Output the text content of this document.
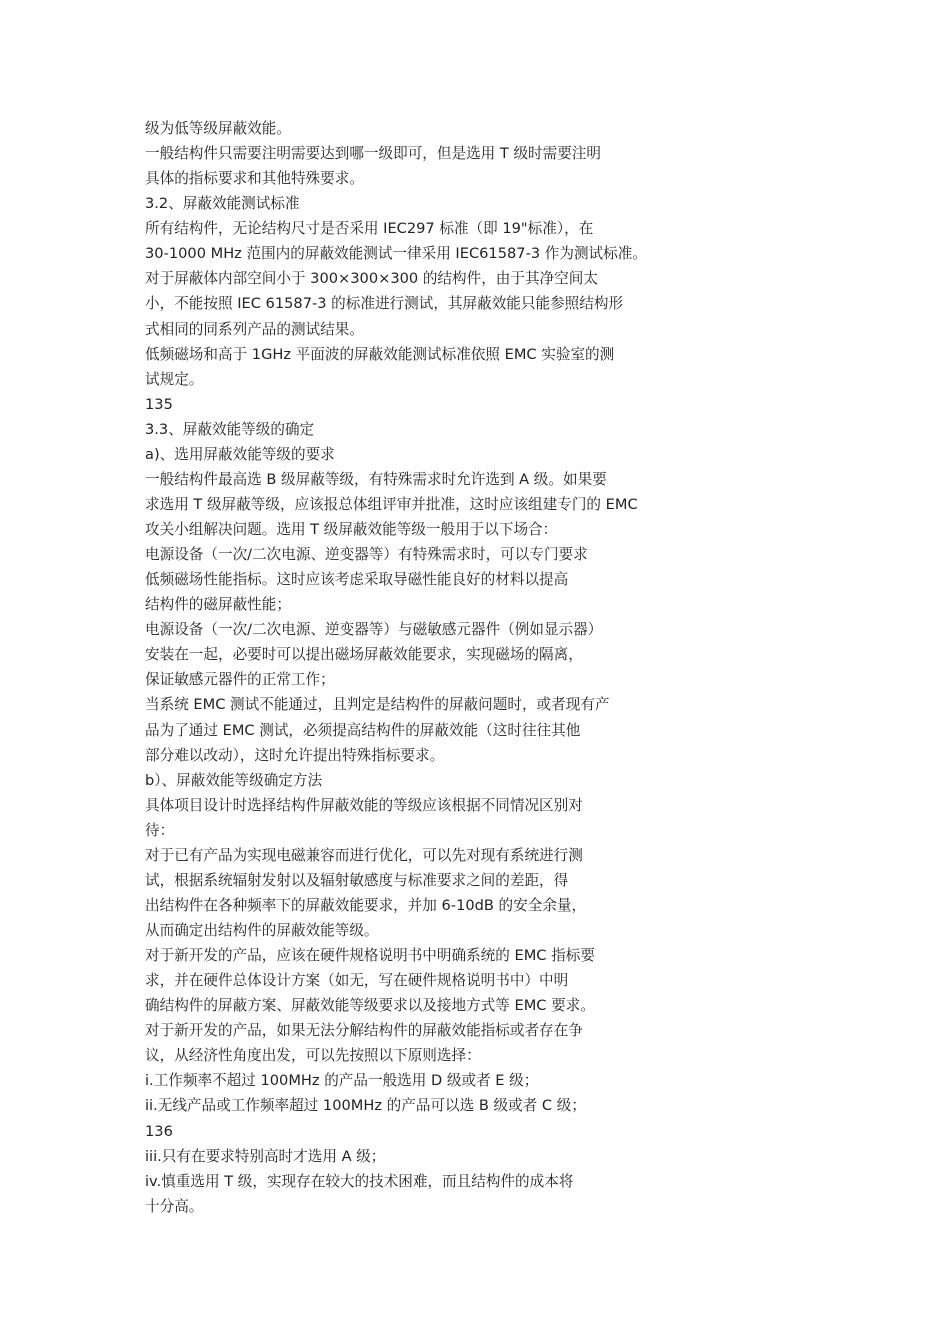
级为低等级屏蔽效能。
一般结构件只需要注明需要达到哪一级即可，但是选用 T 级时需要注明
具体的指标要求和其他特殊要求。
3.2、屏蔽效能测试标准
所有结构件，无论结构尺寸是否采用 IEC297 标准（即 19"标准），在
30-1000 MHz 范围内的屏蔽效能测试一律采用 IEC61587-3 作为测试标准。
对于屏蔽体内部空间小于 300×300×300 的结构件，由于其净空间太
小，不能按照 IEC 61587-3 的标准进行测试，其屏蔽效能只能参照结构形
式相同的同系列产品的测试结果。
低频磁场和高于 1GHz 平面波的屏蔽效能测试标准依照 EMC 实验室的测
试规定。
135
3.3、屏蔽效能等级的确定
a)、选用屏蔽效能等级的要求
一般结构件最高选 B 级屏蔽等级，有特殊需求时允许选到 A 级。如果要
求选用 T 级屏蔽等级，应该报总体组评审并批准，这时应该组建专门的 EMC
攻关小组解决问题。选用 T 级屏蔽效能等级一般用于以下场合：
电源设备（一次/二次电源、逆变器等）有特殊需求时，可以专门要求
低频磁场性能指标。这时应该考虑采取导磁性能良好的材料以提高
结构件的磁屏蔽性能；
电源设备（一次/二次电源、逆变器等）与磁敏感元器件（例如显示器）
安装在一起，必要时可以提出磁场屏蔽效能要求，实现磁场的隔离，
保证敏感元器件的正常工作；
当系统 EMC 测试不能通过，且判定是结构件的屏蔽问题时，或者现有产
品为了通过 EMC 测试，必须提高结构件的屏蔽效能（这时往往其他
部分难以改动），这时允许提出特殊指标要求。
b）、屏蔽效能等级确定方法
具体项目设计时选择结构件屏蔽效能的等级应该根据不同情况区别对
待：
对于已有产品为实现电磁兼容而进行优化，可以先对现有系统进行测
试，根据系统辐射发射以及辐射敏感度与标准要求之间的差距，得
出结构件在各种频率下的屏蔽效能要求，并加 6-10dB 的安全余量，
从而确定出结构件的屏蔽效能等级。
对于新开发的产品，应该在硬件规格说明书中明确系统的 EMC 指标要
求，并在硬件总体设计方案（如无，写在硬件规格说明书中）中明
确结构件的屏蔽方案、屏蔽效能等级要求以及接地方式等 EMC 要求。
对于新开发的产品，如果无法分解结构件的屏蔽效能指标或者存在争
议，从经济性角度出发，可以先按照以下原则选择：
i.工作频率不超过 100MHz 的产品一般选用 D 级或者 E 级；
ii.无线产品或工作频率超过 100MHz 的产品可以选 B 级或者 C 级；
136
iii.只有在要求特别高时才选用 A 级；
iv.慎重选用 T 级，实现存在较大的技术困难，而且结构件的成本将
十分高。
